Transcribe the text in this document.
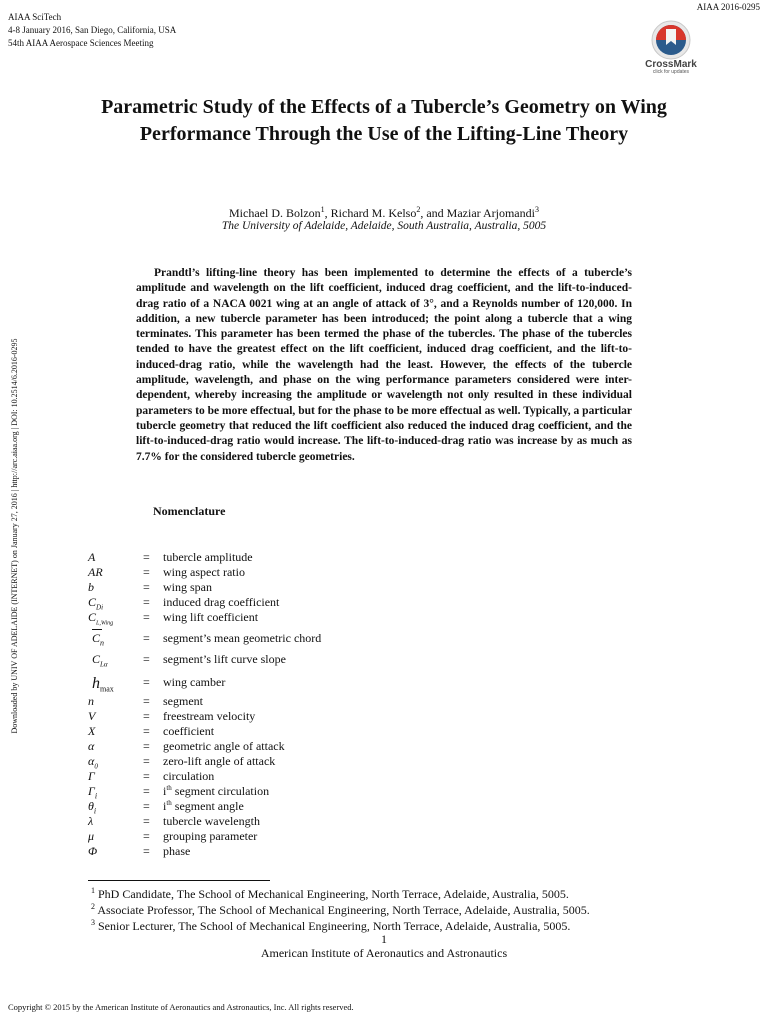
AIAA 2016-0295
AIAA SciTech
4-8 January 2016, San Diego, California, USA
54th AIAA Aerospace Sciences Meeting
CrossMark
click for updates
Parametric Study of the Effects of a Tubercle’s Geometry on Wing Performance Through the Use of the Lifting-Line Theory
Michael D. Bolzon$^1$, Richard M. Kelso$^2$, and Maziar Arjomandi$^3$
The University of Adelaide, Adelaide, South Australia, Australia, 5005

Prandtl’s lifting-line theory has been implemented to determine the effects of a tubercle’s amplitude and wavelength on the lift coefficient, induced drag coefficient, and the lift-to-induced-drag ratio of a NACA 0021 wing at an angle of attack of 3°, and a Reynolds number of 120,000. In addition, a new tubercle parameter has been introduced; the point along a tubercle that a wing terminates. This parameter has been termed the phase of the tubercles. The phase of the tubercles tended to have the greatest effect on the lift coefficient, induced drag coefficient, and the lift-to-induced-drag ratio, while the wavelength had the least. However, the effects of the tubercle amplitude, wavelength, and phase on the wing performance parameters considered were inter-dependent, whereby increasing the amplitude or wavelength not only resulted in these individual parameters to be more effectual, but for the phase to be more effectual as well. Typically, a particular tubercle geometry that reduced the lift coefficient also reduced the induced drag coefficient, and the lift-to-induced-drag ratio would increase. The lift-to-induced-drag ratio was increase by as much as 7.7% for the considered tubercle geometries.

Nomenclature
A	= tubercle amplitude
AR	= wing aspect ratio
b	= wing span
$C_{Di}$	= induced drag coefficient
$C_{L,Wing}$ = wing lift coefficient
$C_n$	= segment’s mean geometric chord
$C_{L\alpha}$	= segment’s lift curve slope
$h_{max}$ = wing camber
n	= segment
V	= freestream velocity
X	= coefficient
α	= geometric angle of attack
$\alpha_0$	= zero-lift angle of attack
Γ	= circulation
$\Gamma_i$	= $i^{th}$ segment circulation
$\theta_i$	= $i^{th}$ segment angle
λ	= tubercle wavelength
μ	= grouping parameter
Φ	= phase
$^1$ PhD Candidate, The School of Mechanical Engineering, North Terrace, Adelaide, Australia, 5005.
$^2$ Associate Professor, The School of Mechanical Engineering, North Terrace, Adelaide, Australia, 5005.
$^3$ Senior Lecturer, The School of Mechanical Engineering, North Terrace, Adelaide, Australia, 5005.
1
American Institute of Aeronautics and Astronautics
Copyright © 2015 by the American Institute of Aeronautics and Astronautics, Inc. All rights reserved.
Downloaded by UNIV OF ADELAIDE (INTERNET) on January 27, 2016 | http://arc.aiaa.org | DOI: 10.2514/6.2016-0295
